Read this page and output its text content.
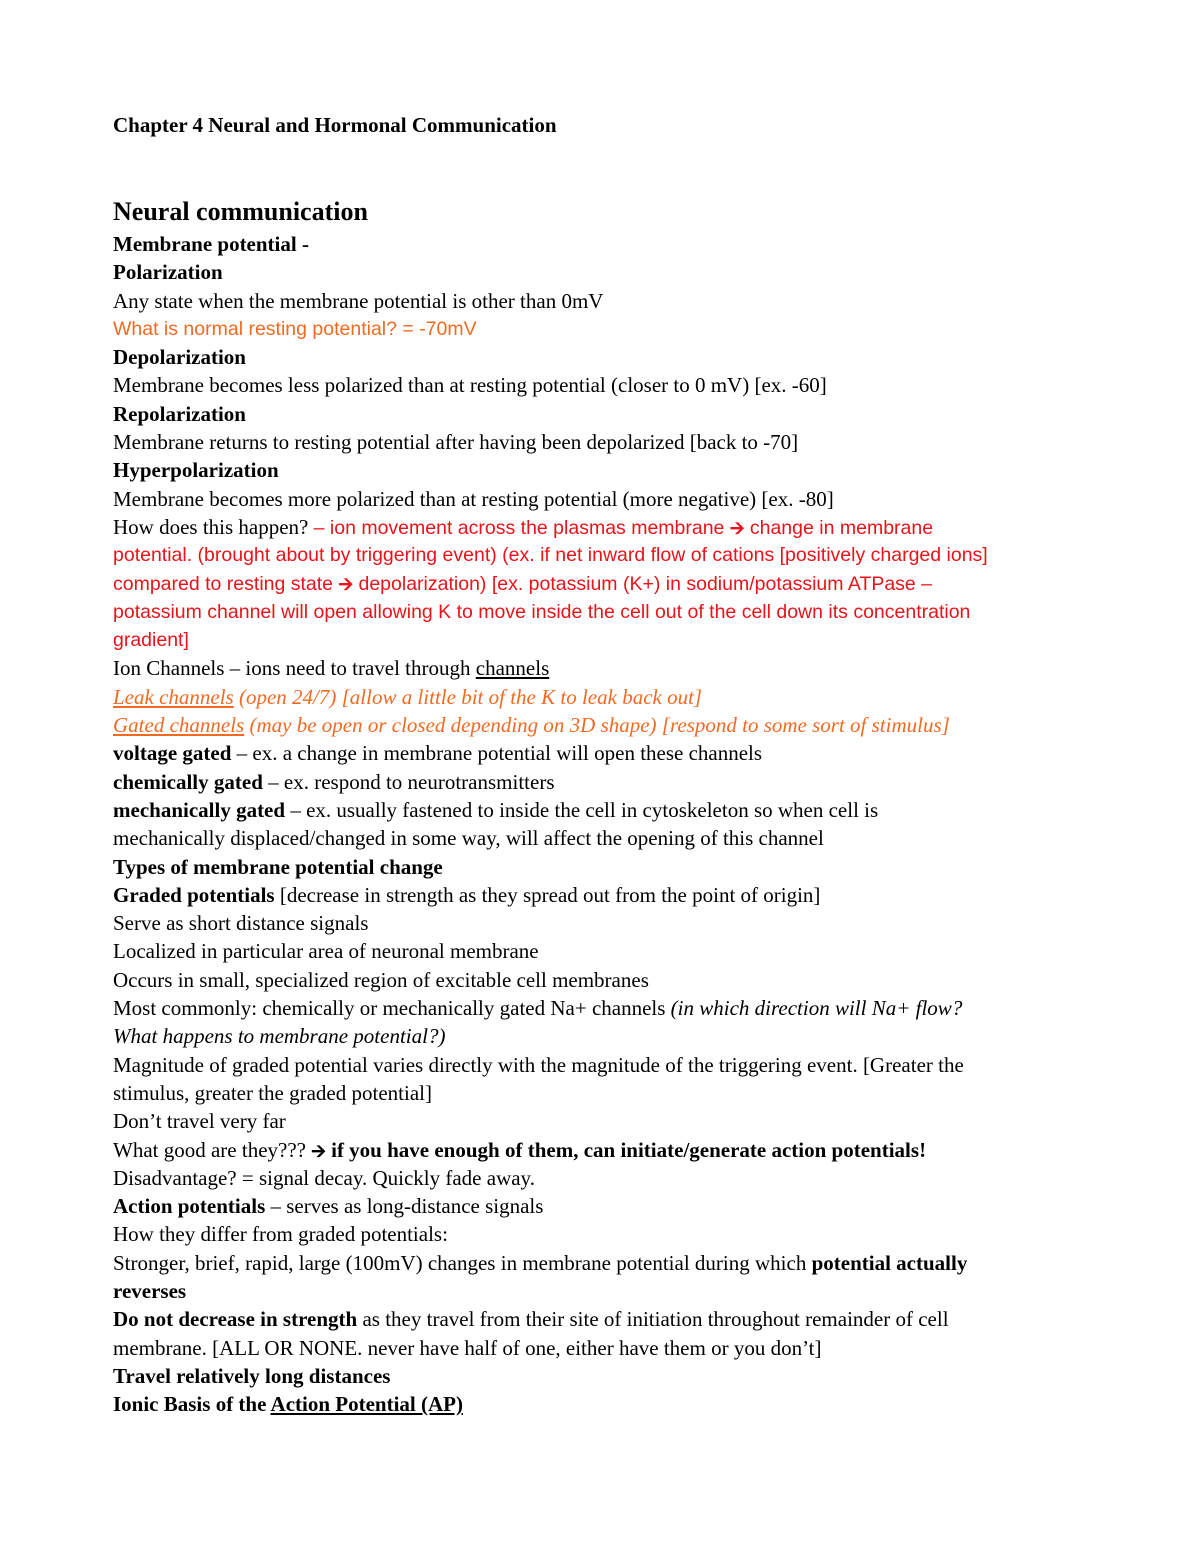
Chapter 4 Neural and Hormonal Communication
Neural communication
Membrane potential -
Polarization
Any state when the membrane potential is other than 0mV
What is normal resting potential? = -70mV
Depolarization
Membrane becomes less polarized than at resting potential (closer to 0 mV) [ex. -60]
Repolarization
Membrane returns to resting potential after having been depolarized [back to -70]
Hyperpolarization
Membrane becomes more polarized than at resting potential (more negative) [ex. -80]
How does this happen? – ion movement across the plasmas membrane 🡪 change in membrane
potential. (brought about by triggering event) (ex. if net inward flow of cations [positively charged ions]
compared to resting state 🡪 depolarization) [ex. potassium (K+) in sodium/potassium ATPase –
potassium channel will open allowing K to move inside the cell out of the cell down its concentration
gradient]
Ion Channels – ions need to travel through channels
Leak channels (open 24/7) [allow a little bit of the K to leak back out]
Gated channels (may be open or closed depending on 3D shape) [respond to some sort of stimulus]
voltage gated – ex. a change in membrane potential will open these channels
chemically gated – ex. respond to neurotransmitters
mechanically gated – ex. usually fastened to inside the cell in cytoskeleton so when cell is
mechanically displaced/changed in some way, will affect the opening of this channel
Types of membrane potential change
Graded potentials [decrease in strength as they spread out from the point of origin]
Serve as short distance signals
Localized in particular area of neuronal membrane
Occurs in small, specialized region of excitable cell membranes
Most commonly: chemically or mechanically gated Na+ channels (in which direction will Na+ flow?
What happens to membrane potential?)
Magnitude of graded potential varies directly with the magnitude of the triggering event. [Greater the
stimulus, greater the graded potential]
Don’t travel very far
What good are they??? 🡪 if you have enough of them, can initiate/generate action potentials!
Disadvantage? = signal decay. Quickly fade away.
Action potentials – serves as long-distance signals
How they differ from graded potentials:
Stronger, brief, rapid, large (100mV) changes in membrane potential during which potential actually
reverses
Do not decrease in strength as they travel from their site of initiation throughout remainder of cell
membrane. [ALL OR NONE. never have half of one, either have them or you don’t]
Travel relatively long distances
Ionic Basis of the Action Potential (AP)
